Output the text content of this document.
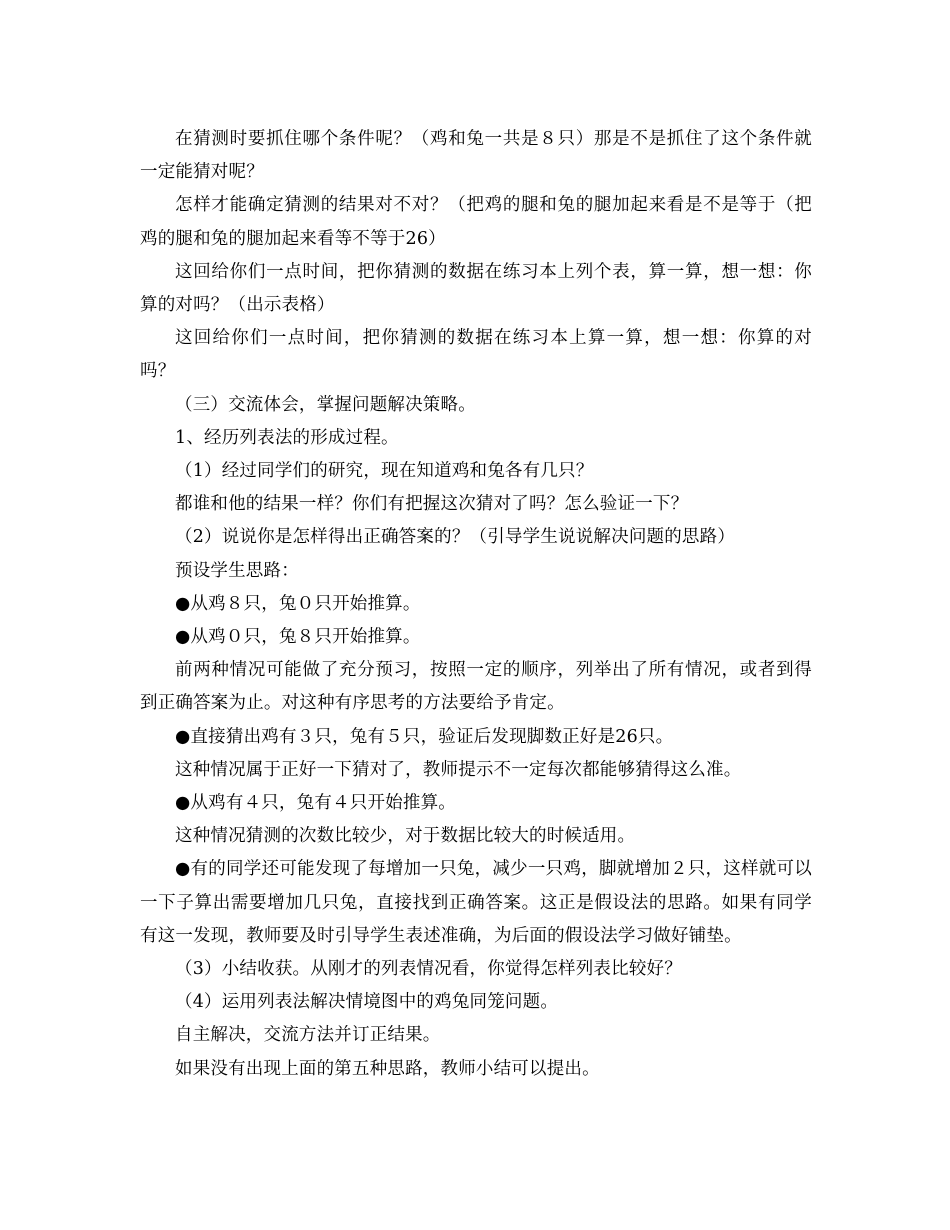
在猜测时要抓住哪个条件呢？（鸡和兔一共是８只）那是不是抓住了这个条件就一定能猜对呢？

怎样才能确定猜测的结果对不对？（把鸡的腿和兔的腿加起来看是不是等于（把鸡的腿和兔的腿加起来看等不等于26）

这回给你们一点时间，把你猜测的数据在练习本上列个表，算一算，想一想：你算的对吗？（出示表格）

这回给你们一点时间，把你猜测的数据在练习本上算一算，想一想：你算的对吗？

（三）交流体会，掌握问题解决策略。

1、经历列表法的形成过程。

（1）经过同学们的研究，现在知道鸡和兔各有几只？

都谁和他的结果一样？你们有把握这次猜对了吗？怎么验证一下？

（2）说说你是怎样得出正确答案的？（引导学生说说解决问题的思路）

预设学生思路：

●从鸡８只，兔０只开始推算。

●从鸡０只，兔８只开始推算。

前两种情况可能做了充分预习，按照一定的顺序，列举出了所有情况，或者到得到正确答案为止。对这种有序思考的方法要给予肯定。

●直接猜出鸡有３只，兔有５只，验证后发现脚数正好是26只。

这种情况属于正好一下猜对了，教师提示不一定每次都能够猜得这么准。

●从鸡有４只，兔有４只开始推算。

这种情况猜测的次数比较少，对于数据比较大的时候适用。

●有的同学还可能发现了每增加一只兔，减少一只鸡，脚就增加２只，这样就可以一下子算出需要增加几只兔，直接找到正确答案。这正是假设法的思路。如果有同学有这一发现，教师要及时引导学生表述准确，为后面的假设法学习做好铺垫。

（3）小结收获。从刚才的列表情况看，你觉得怎样列表比较好？

（4）运用列表法解决情境图中的鸡兔同笼问题。

自主解决，交流方法并订正结果。

如果没有出现上面的第五种思路，教师小结可以提出。
